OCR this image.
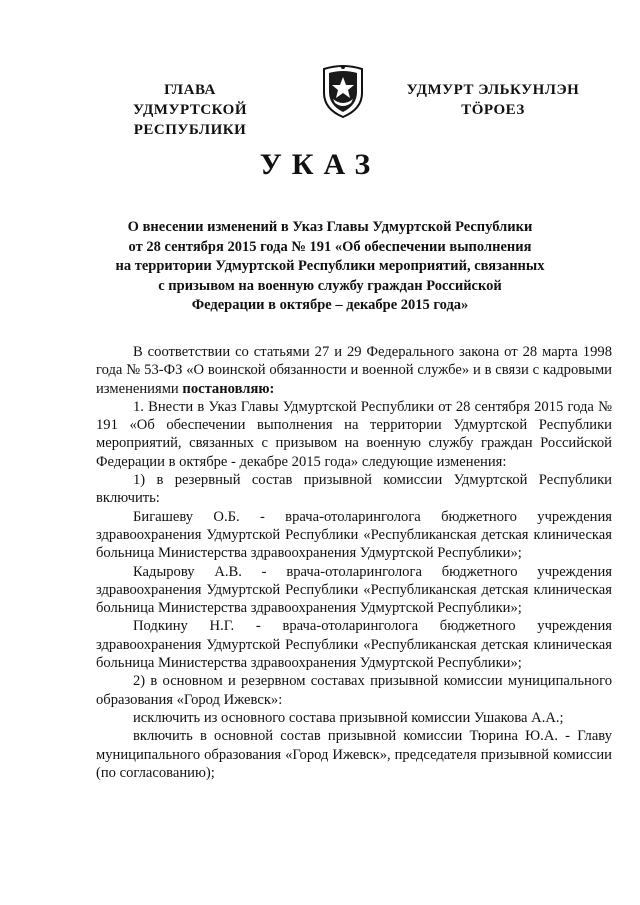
ГЛАВА
УДМУРТСКОЙ РЕСПУБЛИКИ
УДМУРТ ЭЛЬКУНЛЭН
ТӦРОЕЗ
УКАЗ
О внесении изменений в Указ Главы Удмуртской Республики
от 28 сентября 2015 года № 191 «Об обеспечении выполнения
на территории Удмуртской Республики мероприятий, связанных
с призывом на военную службу граждан Российской
Федерации в октябре – декабре 2015 года»

В соответствии со статьями 27 и 29 Федерального закона от 28 марта 1998 года № 53-ФЗ «О воинской обязанности и военной службе» и в связи с кадровыми изменениями постановляю:

1. Внести в Указ Главы Удмуртской Республики от 28 сентября 2015 года № 191 «Об обеспечении выполнения на территории Удмуртской Республики мероприятий, связанных с призывом на военную службу граждан Российской Федерации в октябре - декабре 2015 года» следующие изменения:

1) в резервный состав призывной комиссии Удмуртской Республики включить:

Бигашеву О.Б. - врача-отоларинголога бюджетного учреждения здравоохранения Удмуртской Республики «Республиканская детская клиническая больница Министерства здравоохранения Удмуртской Республики»;

Кадырову А.В. - врача-отоларинголога бюджетного учреждения здравоохранения Удмуртской Республики «Республиканская детская клиническая больница Министерства здравоохранения Удмуртской Республики»;

Подкину Н.Г. - врача-отоларинголога бюджетного учреждения здравоохранения Удмуртской Республики «Республиканская детская клиническая больница Министерства здравоохранения Удмуртской Республики»;

2) в основном и резервном составах призывной комиссии муниципального образования «Город Ижевск»:

исключить из основного состава призывной комиссии Ушакова А.А.;

включить в основной состав призывной комиссии Тюрина Ю.А. - Главу муниципального образования «Город Ижевск», председателя призывной комиссии (по согласованию);
